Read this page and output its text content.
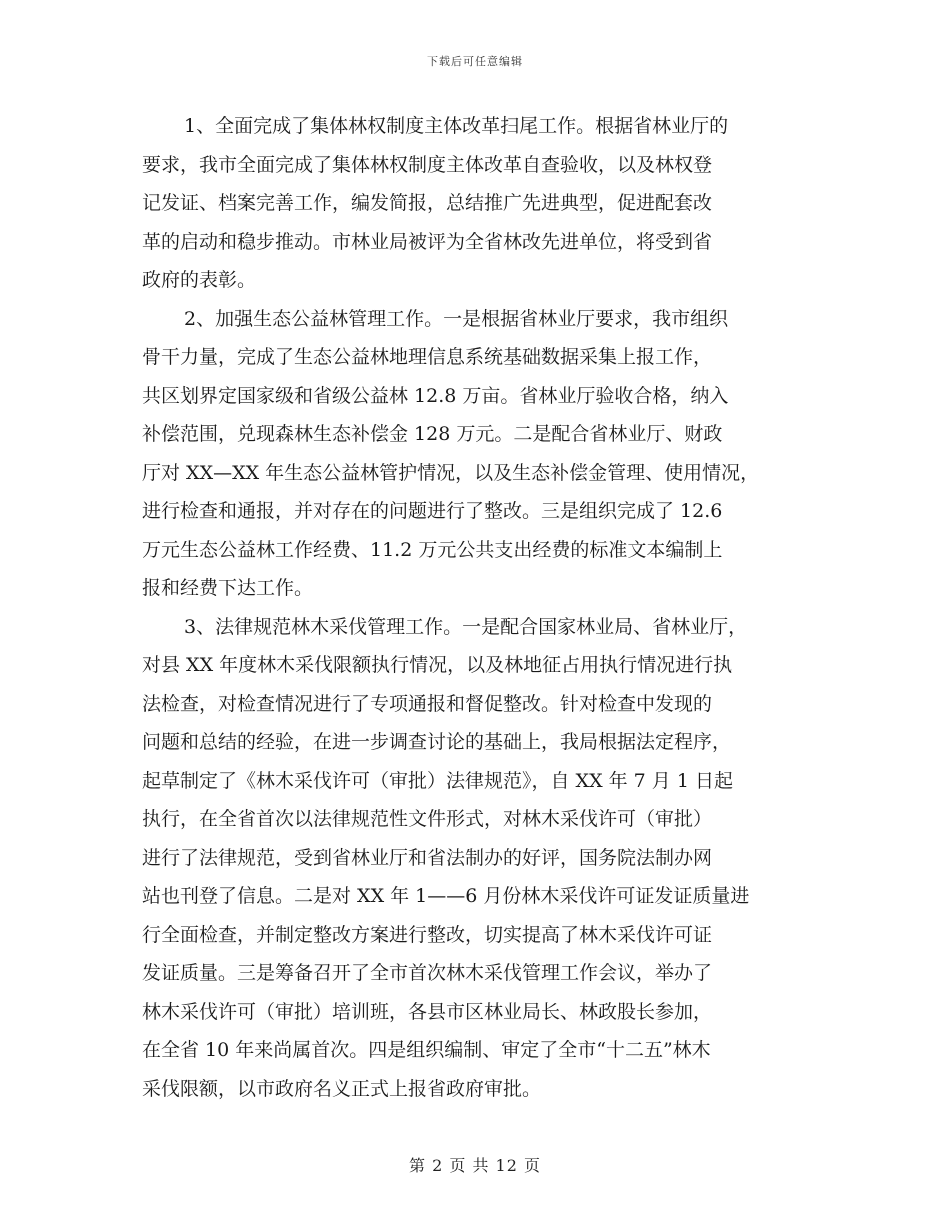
下载后可任意编辑
1、全面完成了集体林权制度主体改革扫尾工作。根据省林业厅的
要求，我市全面完成了集体林权制度主体改革自查验收，以及林权登
记发证、档案完善工作，编发简报，总结推广先进典型，促进配套改
革的启动和稳步推动。市林业局被评为全省林改先进单位，将受到省
政府的表彰。
2、加强生态公益林管理工作。一是根据省林业厅要求，我市组织
骨干力量，完成了生态公益林地理信息系统基础数据采集上报工作，
共区划界定国家级和省级公益林 12.8 万亩。省林业厅验收合格，纳入
补偿范围，兑现森林生态补偿金 128 万元。二是配合省林业厅、财政
厅对 XX—XX 年生态公益林管护情况，以及生态补偿金管理、使用情况，
进行检查和通报，并对存在的问题进行了整改。三是组织完成了 12.6
万元生态公益林工作经费、11.2 万元公共支出经费的标准文本编制上
报和经费下达工作。
3、法律规范林木采伐管理工作。一是配合国家林业局、省林业厅，
对县 XX 年度林木采伐限额执行情况，以及林地征占用执行情况进行执
法检查，对检查情况进行了专项通报和督促整改。针对检查中发现的
问题和总结的经验，在进一步调查讨论的基础上，我局根据法定程序，
起草制定了《林木采伐许可（审批）法律规范》，自 XX 年 7 月 1 日起
执行，在全省首次以法律规范性文件形式，对林木采伐许可（审批）
进行了法律规范，受到省林业厅和省法制办的好评，国务院法制办网
站也刊登了信息。二是对 XX 年 1——6 月份林木采伐许可证发证质量进
行全面检查，并制定整改方案进行整改，切实提高了林木采伐许可证
发证质量。三是筹备召开了全市首次林木采伐管理工作会议，举办了
林木采伐许可（审批）培训班，各县市区林业局长、林政股长参加，
在全省 10 年来尚属首次。四是组织编制、审定了全市“十二五”林木
采伐限额，以市政府名义正式上报省政府审批。
第 2 页 共 12 页
